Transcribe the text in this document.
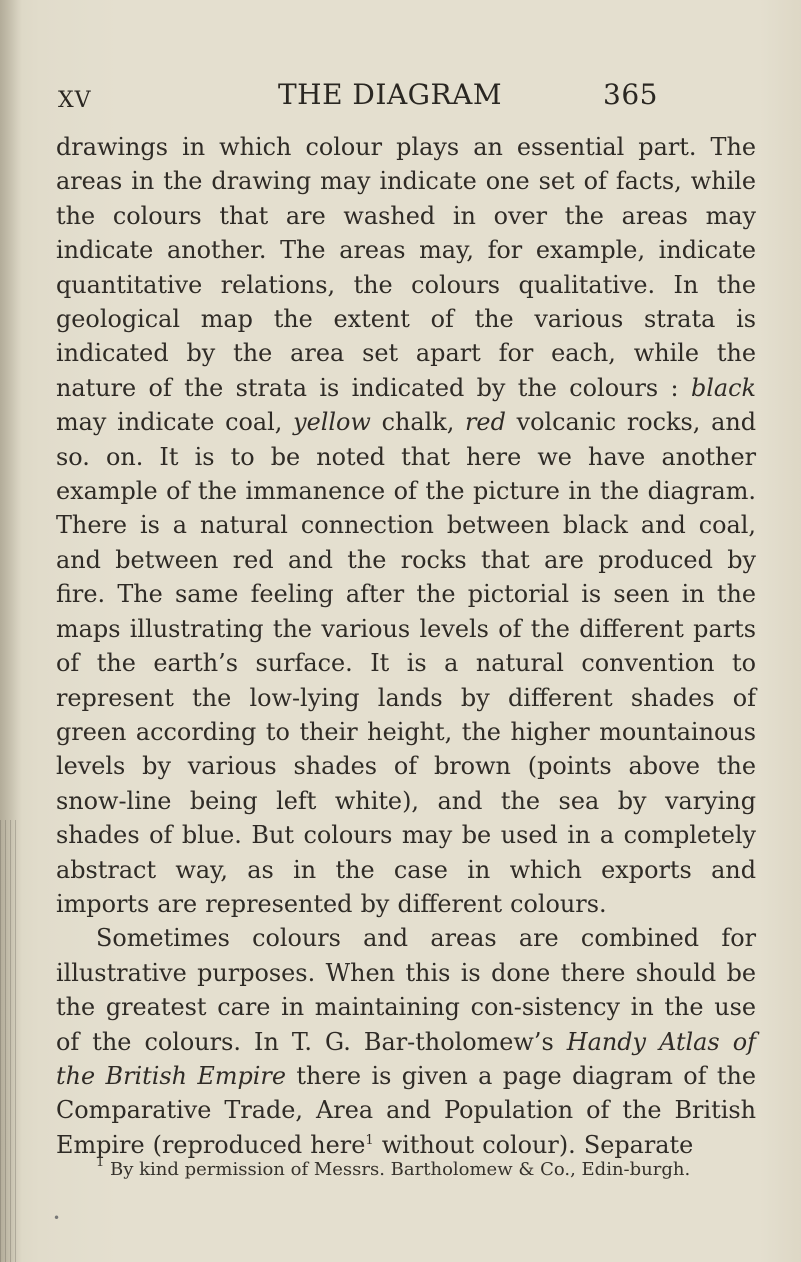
XV	THE DIAGRAM	365

drawings in which colour plays an essential part. The areas in the drawing may indicate one set of facts, while the colours that are washed in over the areas may indicate another. The areas may, for example, indicate quantitative relations, the colours qualitative. In the geological map the extent of the various strata is indicated by the area set apart for each, while the nature of the strata is indicated by the colours : black may indicate coal, yellow chalk, red volcanic rocks, and so. on. It is to be noted that here we have another example of the immanence of the picture in the diagram. There is a natural connection between black and coal, and between red and the rocks that are produced by fire. The same feeling after the pictorial is seen in the maps illustrating the various levels of the different parts of the earth’s surface. It is a natural convention to represent the low-lying lands by different shades of green according to their height, the higher mountainous levels by various shades of brown (points above the snow-line being left white), and the sea by varying shades of blue. But colours may be used in a completely abstract way, as in the case in which exports and imports are represented by different colours.

Sometimes colours and areas are combined for illustrative purposes. When this is done there should be the greatest care in maintaining con-sistency in the use of the colours. In T. G. Bar-tholomew’s Handy Atlas of the British Empire there is given a page diagram of the Comparative Trade, Area and Population of the British Empire (reproduced here$^1$ without colour). Separate

$^1$ By kind permission of Messrs. Bartholomew & Co., Edin-burgh.
•
